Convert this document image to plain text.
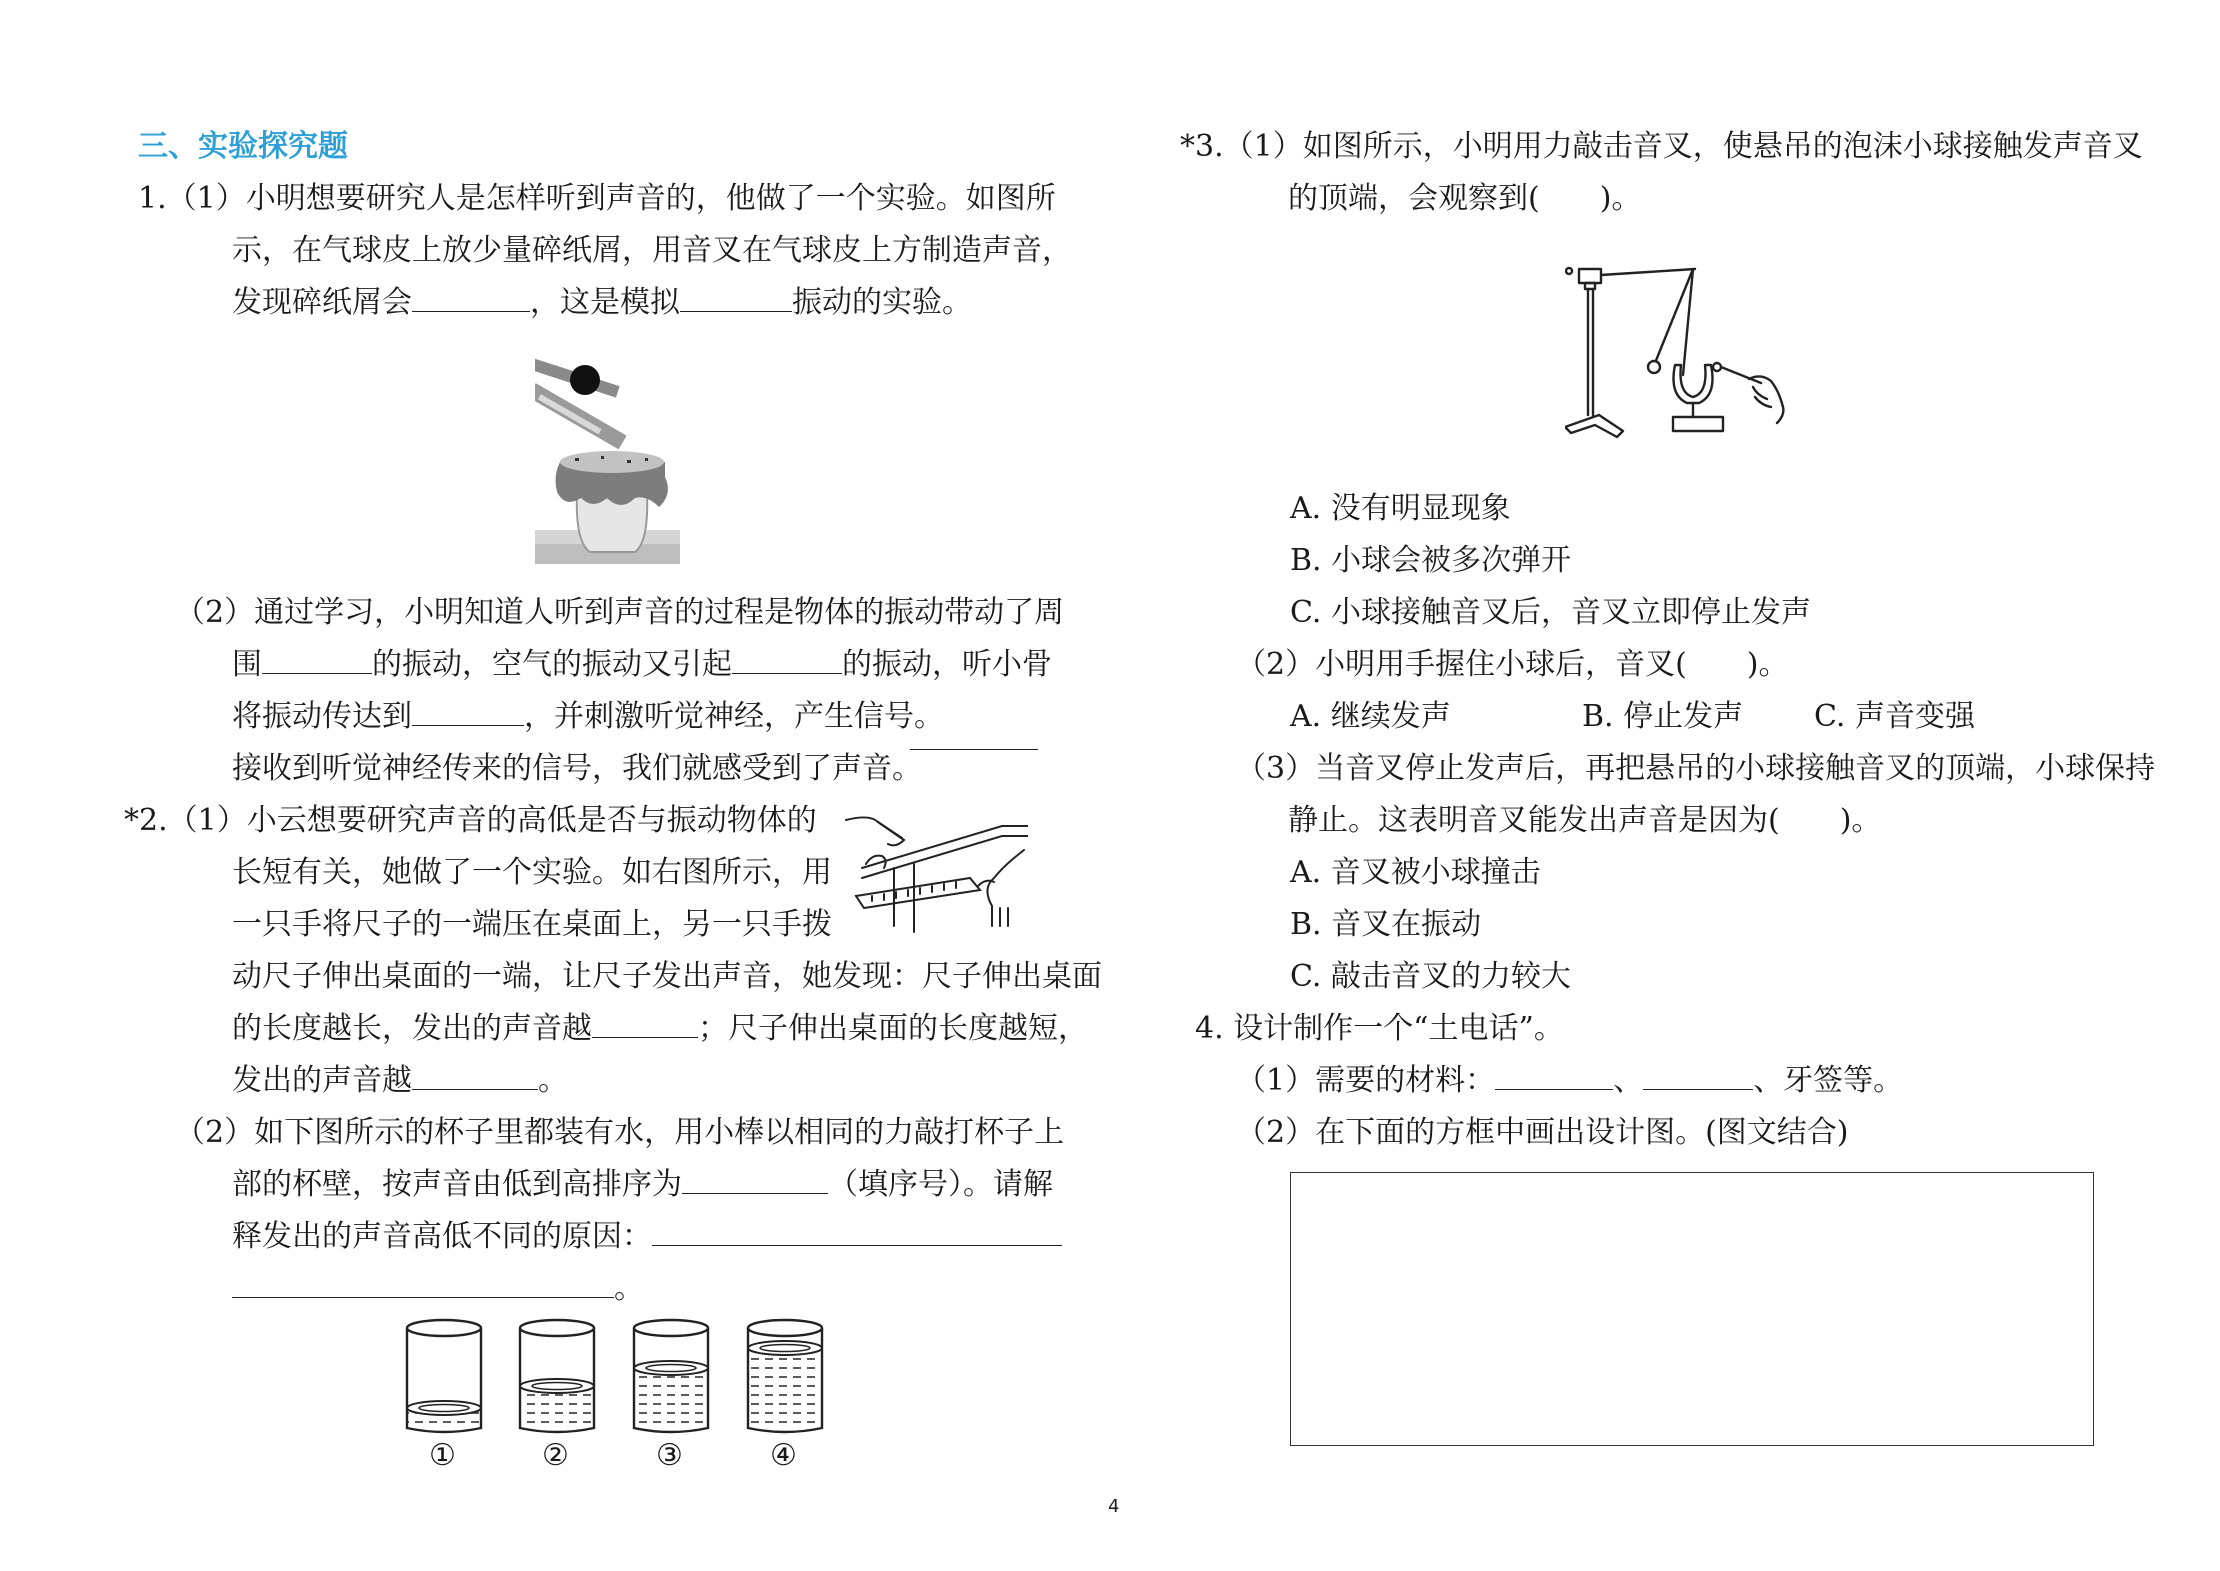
三、实验探究题
1.（1）小明想要研究人是怎样听到声音的，他做了一个实验。如图所
示，在气球皮上放少量碎纸屑，用音叉在气球皮上方制造声音，
发现碎纸屑会	，这是模拟	振动的实验。
（2）通过学习，小明知道人听到声音的过程是物体的振动带动了周
围	的振动，空气的振动又引起	的振动，听小骨
将振动传达到	，并刺激听觉神经，产生信号。
接收到听觉神经传来的信号，我们就感受到了声音。
*2.（1）小云想要研究声音的高低是否与振动物体的
长短有关，她做了一个实验。如右图所示，用
一只手将尺子的一端压在桌面上，另一只手拨
动尺子伸出桌面的一端，让尺子发出声音，她发现：尺子伸出桌面
的长度越长，发出的声音越	；尺子伸出桌面的长度越短，
发出的声音越	。
（2）如下图所示的杯子里都装有水，用小棒以相同的力敲打杯子上
部的杯壁，按声音由低到高排序为	（填序号）。请解
释发出的声音高低不同的原因：
。
①	②	③	④
*3.（1）如图所示，小明用力敲击音叉，使悬吊的泡沫小球接触发声音叉
的顶端，会观察到(　　)。
A. 没有明显现象
B. 小球会被多次弹开
C. 小球接触音叉后，音叉立即停止发声
（2）小明用手握住小球后，音叉(　　)。
A. 继续发声	B. 停止发声 C. 声音变强
（3）当音叉停止发声后，再把悬吊的小球接触音叉的顶端，小球保持
静止。这表明音叉能发出声音是因为(　　)。
A. 音叉被小球撞击
B. 音叉在振动
C. 敲击音叉的力较大
4. 设计制作一个“土电话”。
（1）需要的材料：	、	、牙签等。
（2）在下面的方框中画出设计图。(图文结合)
4
